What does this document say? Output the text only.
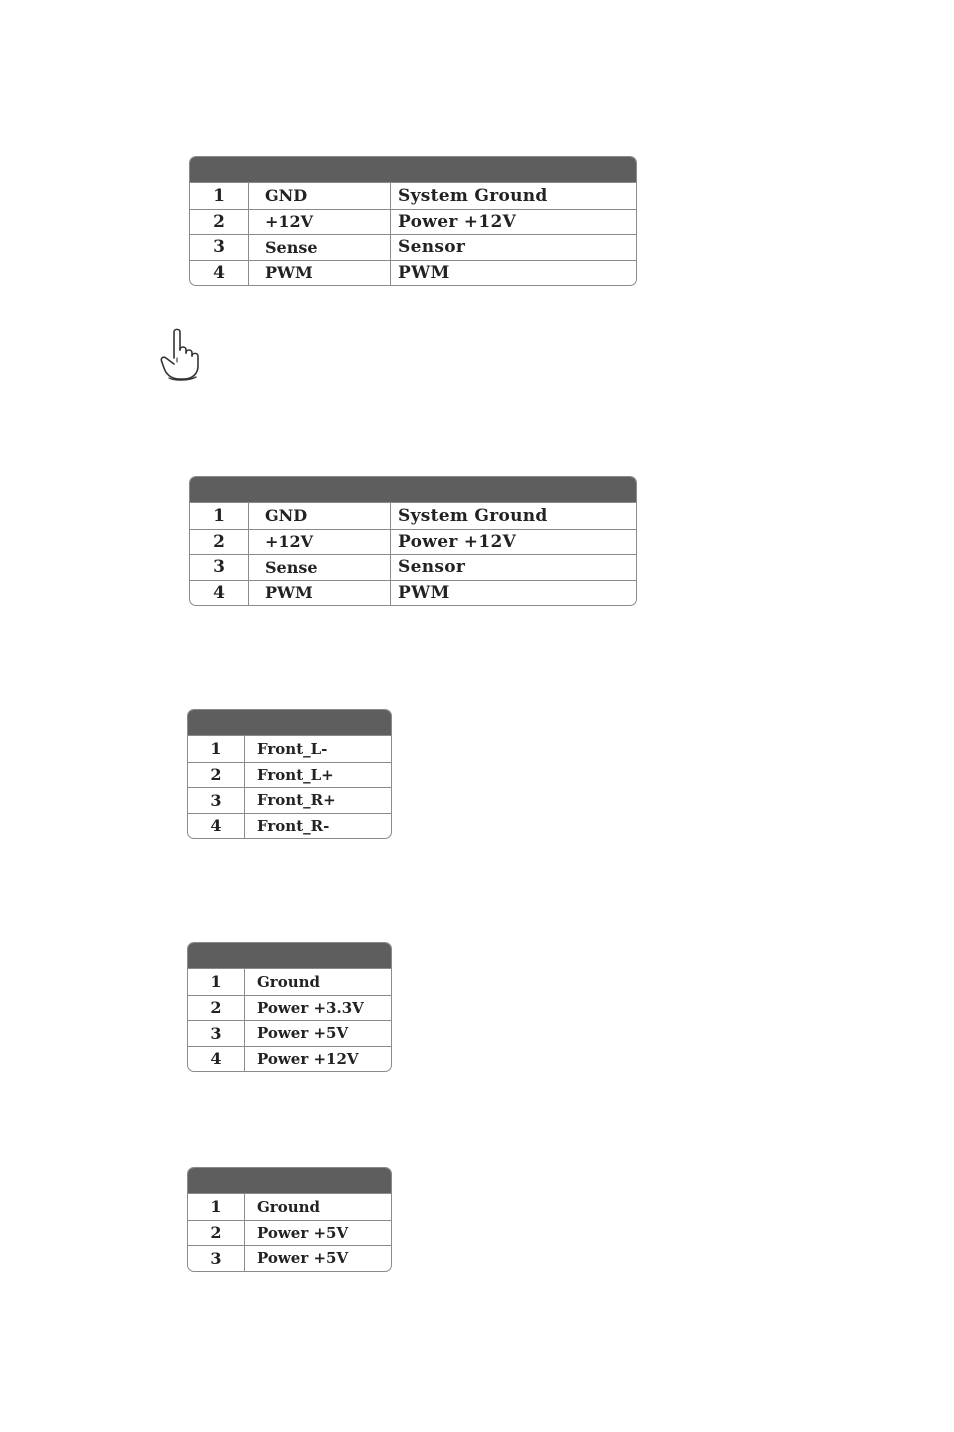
1	GND	System Ground
2	+12V	Power +12V
3	Sense	Sensor
4	PWM	PWM
1	GND	System Ground
2	+12V	Power +12V
3	Sense	Sensor
4	PWM	PWM
1	Front_L-
2	Front_L+
3	Front_R+
4	Front_R-
1	Ground
2	Power +3.3V
3	Power +5V
4	Power +12V
1	Ground
2	Power +5V
3	Power +5V
